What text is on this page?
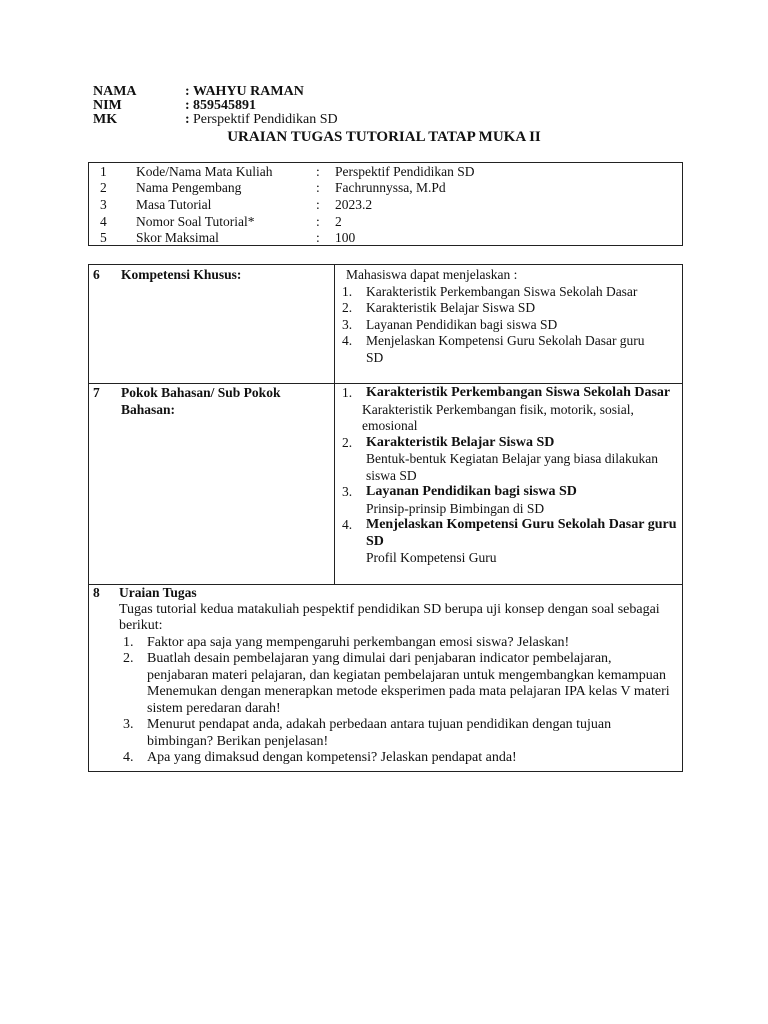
NAMA	: WAHYU RAMAN
NIM	: 859545891
MK	: Perspektif Pendidikan SD
URAIAN TUGAS TUTORIAL TATAP MUKA II
1 Kode/Nama Mata Kuliah	: Perspektif Pendidikan SD
2 Nama Pengembang	: Fachrunnyssa, M.Pd
3 Masa Tutorial	: 2023.2
4 Nomor Soal Tutorial*	: 2
5 Skor Maksimal	: 100
6 Kompetensi Khusus:	Mahasiswa dapat menjelaskan :
1. Karakteristik Perkembangan Siswa Sekolah Dasar
2. Karakteristik Belajar Siswa SD
3. Layanan Pendidikan bagi siswa SD
4. Menjelaskan Kompetensi Guru Sekolah Dasar guru SD
7 Pokok Bahasan/ Sub Pokok Bahasan:
1. Karakteristik Perkembangan Siswa Sekolah Dasar
Karakteristik Perkembangan fisik, motorik, sosial, emosional
2. Karakteristik Belajar Siswa SD
Bentuk-bentuk Kegiatan Belajar yang biasa dilakukan siswa SD
3. Layanan Pendidikan bagi siswa SD
Prinsip-prinsip Bimbingan di SD
4. Menjelaskan Kompetensi Guru Sekolah Dasar guru SD
Profil Kompetensi Guru
8 Uraian Tugas
Tugas tutorial kedua matakuliah pespektif pendidikan SD berupa uji konsep dengan soal sebagai berikut:
1. Faktor apa saja yang mempengaruhi perkembangan emosi siswa? Jelaskan!
2. Buatlah desain pembelajaran yang dimulai dari penjabaran indicator pembelajaran, penjabaran materi pelajaran, dan kegiatan pembelajaran untuk mengembangkan kemampuan Menemukan dengan menerapkan metode eksperimen pada mata pelajaran IPA kelas V materi sistem peredaran darah!
3. Menurut pendapat anda, adakah perbedaan antara tujuan pendidikan dengan tujuan bimbingan? Berikan penjelasan!
4. Apa yang dimaksud dengan kompetensi? Jelaskan pendapat anda!
